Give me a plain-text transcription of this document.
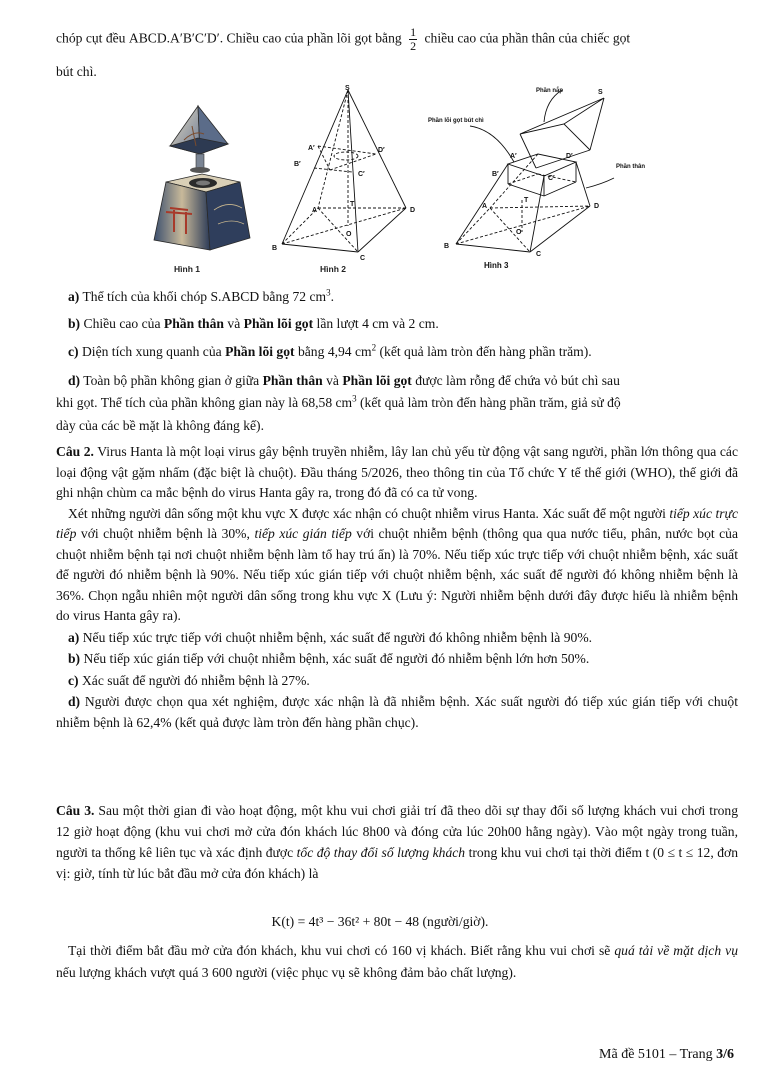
chóp cụt đều ABCD.A′B′C′D′. Chiều cao của phần lõi gọt bằng $\frac{1}{2}$ chiều cao của phần thân của chiếc gọt

bút chì.

Hình 1
S
A′	D′
B′
C′
A
T
D
O
B
C
Hình 2
Phần nắp	S
Phần lõi gọt bút chì
A′	D′
Phần thân
B′
C′
A
T
D
O
B
C
Hình 3

a) Thể tích của khối chóp S.ABCD bằng 72 $cm^3$.

b) Chiều cao của Phần thân và Phần lõi gọt lần lượt 4 cm và 2 cm.

c) Diện tích xung quanh của Phần lõi gọt bằng 4,94 $cm^2$ (kết quả làm tròn đến hàng phần trăm).

d) Toàn bộ phần không gian ở giữa Phần thân và Phần lõi gọt được làm rỗng để chứa vỏ bút chì sau

khi gọt. Thể tích của phần không gian này là 68,58 $cm^3$ (kết quả làm tròn đến hàng phần trăm, giả sử độ

dày của các bề mặt là không đáng kể).

Câu 2. Virus Hanta là một loại virus gây bệnh truyền nhiễm, lây lan chủ yếu từ động vật sang người, phần lớn thông qua các loại động vật gặm nhấm (đặc biệt là chuột). Đầu tháng 5/2026, theo thông tin của Tổ chức Y tế thế giới (WHO), thế giới đã ghi nhận chùm ca mắc bệnh do virus Hanta gây ra, trong đó đã có ca tử vong.

Xét những người dân sống một khu vực X được xác nhận có chuột nhiễm virus Hanta. Xác suất để một người tiếp xúc trực tiếp với chuột nhiễm bệnh là 30%, tiếp xúc gián tiếp với chuột nhiễm bệnh (thông qua qua nước tiểu, phân, nước bọt của chuột nhiễm bệnh tại nơi chuột nhiễm bệnh làm tổ hay trú ẩn) là 70%. Nếu tiếp xúc trực tiếp với chuột nhiễm bệnh, xác suất để người đó nhiễm bệnh là 90%. Nếu tiếp xúc gián tiếp với chuột nhiễm bệnh, xác suất để người đó không nhiễm bệnh là 36%. Chọn ngẫu nhiên một người dân sống trong khu vực X (Lưu ý: Người nhiễm bệnh dưới đây được hiểu là nhiễm bệnh do virus Hanta gây ra).

a) Nếu tiếp xúc trực tiếp với chuột nhiễm bệnh, xác suất để người đó không nhiễm bệnh là 90%.

b) Nếu tiếp xúc gián tiếp với chuột nhiễm bệnh, xác suất để người đó nhiễm bệnh lớn hơn 50%.

c) Xác suất để người đó nhiễm bệnh là 27%.

d) Người được chọn qua xét nghiệm, được xác nhận là đã nhiễm bệnh. Xác suất người đó tiếp xúc gián tiếp với chuột nhiễm bệnh là 62,4% (kết quả được làm tròn đến hàng phần chục).

Câu 3. Sau một thời gian đi vào hoạt động, một khu vui chơi giải trí đã theo dõi sự thay đổi số lượng khách vui chơi trong 12 giờ hoạt động (khu vui chơi mở cửa đón khách lúc 8h00 và đóng cửa lúc 20h00 hằng ngày). Vào một ngày trong tuần, người ta thống kê liên tục và xác định được tốc độ thay đổi số lượng khách trong khu vui chơi tại thời điểm t (0 ≤ t ≤ 12, đơn vị: giờ, tính từ lúc bắt đầu mở cửa đón khách) là

K(t) = 4t³ − 36t² + 80t − 48 (người/giờ).

Tại thời điểm bắt đầu mở cửa đón khách, khu vui chơi có 160 vị khách. Biết rằng khu vui chơi sẽ quá tải về mặt dịch vụ nếu lượng khách vượt quá 3 600 người (việc phục vụ sẽ không đảm bảo chất lượng).

Mã đề 5101 – Trang 3/6
